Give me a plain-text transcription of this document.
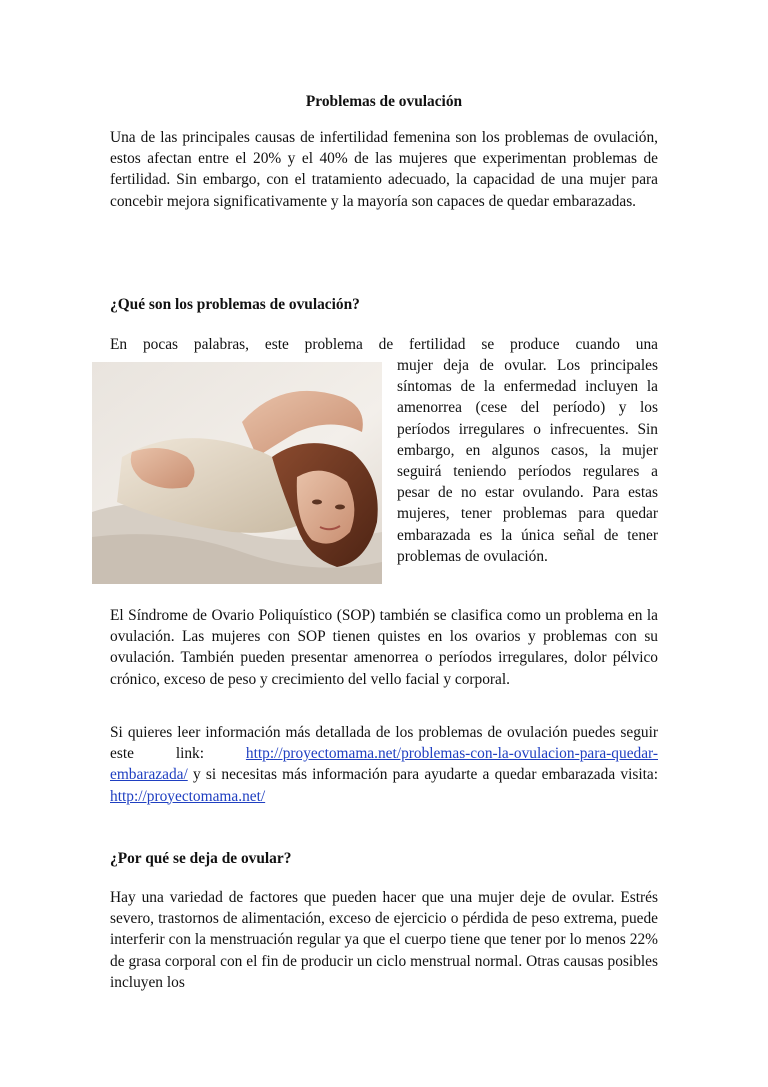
Problemas de ovulación

Una de las principales causas de infertilidad femenina son los problemas de ovulación, estos afectan entre el 20% y el 40% de las mujeres que experimentan problemas de fertilidad. Sin embargo, con el tratamiento adecuado, la capacidad de una mujer para concebir mejora significativamente y la mayoría son capaces de quedar embarazadas.

¿Qué son los problemas de ovulación?

En pocas palabras, este problema de fertilidad se produce cuando una

El Síndrome de Ovario Poliquístico (SOP) también se clasifica como un problema en la ovulación. Las mujeres con SOP tienen quistes en los ovarios y problemas con su ovulación. También pueden presentar amenorrea o períodos irregulares, dolor pélvico crónico, exceso de peso y crecimiento del vello facial y corporal.

Si quieres leer información más detallada de los problemas de ovulación puedes seguir este link: http://proyectomama.net/problemas-con-la-ovulacion-para-quedar-embarazada/ y si necesitas más información para ayudarte a quedar embarazada visita: http://proyectomama.net/

¿Por qué se deja de ovular?

Hay una variedad de factores que pueden hacer que una mujer deje de ovular. Estrés severo, trastornos de alimentación, exceso de ejercicio o pérdida de peso extrema, puede interferir con la menstruación regular ya que el cuerpo tiene que tener por lo menos 22% de grasa corporal con el fin de producir un ciclo menstrual normal. Otras causas posibles incluyen los

mujer deja de ovular. Los principales síntomas de la enfermedad incluyen la amenorrea (cese del período) y los períodos irregulares o infrecuentes. Sin embargo, en algunos casos, la mujer seguirá teniendo períodos regulares a pesar de no estar ovulando. Para estas mujeres, tener problemas para quedar embarazada es la única señal de tener problemas de ovulación.
